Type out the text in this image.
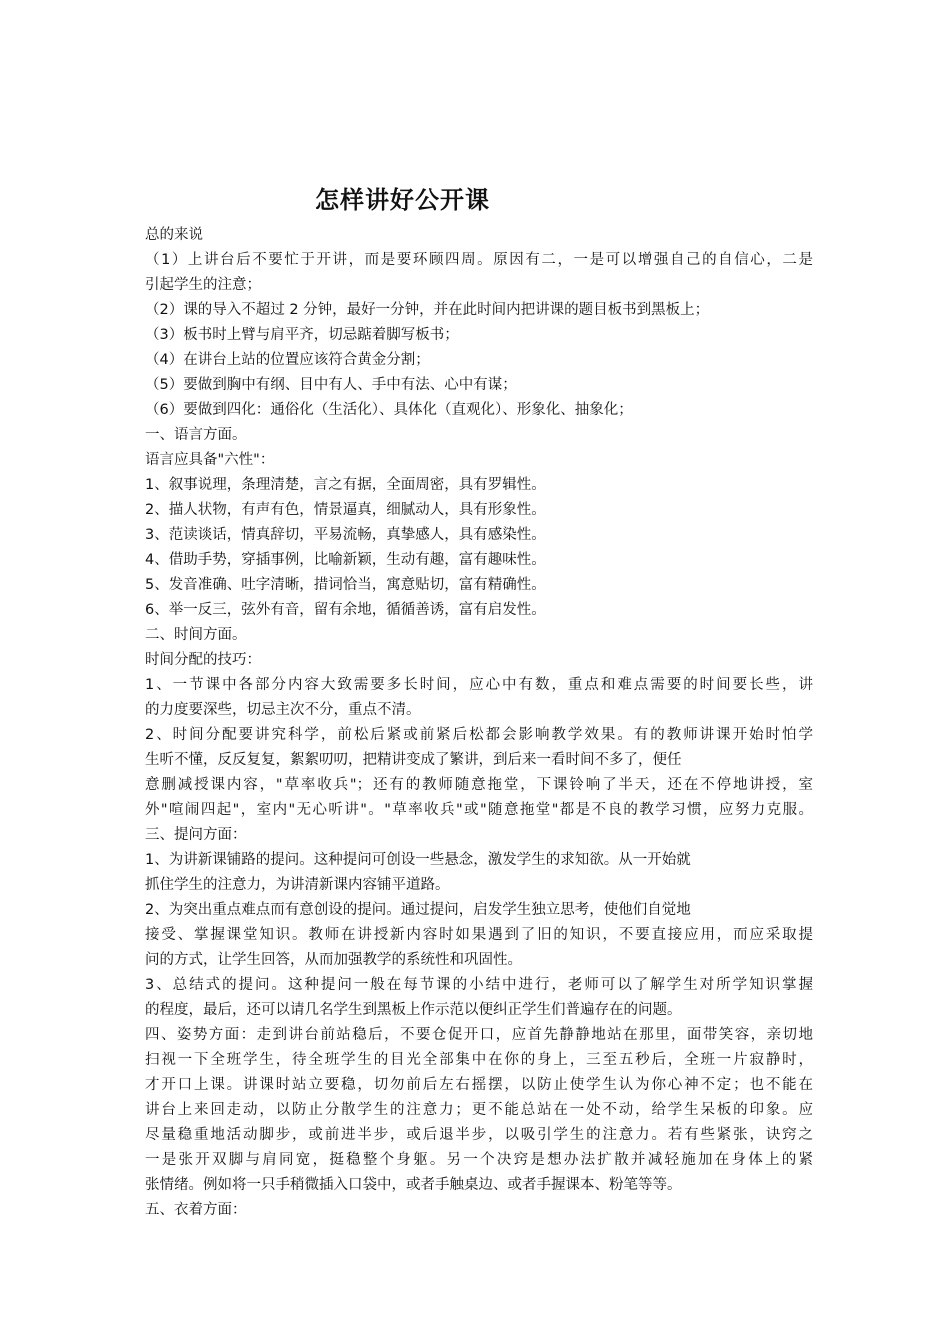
怎样讲好公开课
总的来说
（1）上讲台后不要忙于开讲，而是要环顾四周。原因有二，一是可以增强自己的自信心，二是
引起学生的注意；
（2）课的导入不超过 2 分钟，最好一分钟，并在此时间内把讲课的题目板书到黑板上；
（3）板书时上臂与肩平齐，切忌踮着脚写板书；
（4）在讲台上站的位置应该符合黄金分割；
（5）要做到胸中有纲、目中有人、手中有法、心中有谋；
（6）要做到四化：通俗化（生活化）、具体化（直观化）、形象化、抽象化；
一、语言方面。
语言应具备"六性"：
1、叙事说理，条理清楚，言之有据，全面周密，具有罗辑性。
2、描人状物，有声有色，情景逼真，细腻动人，具有形象性。
3、范读谈话，情真辞切，平易流畅，真挚感人，具有感染性。
4、借助手势，穿插事例，比喻新颖，生动有趣，富有趣味性。
5、发音准确、吐字清晰，措词恰当，寓意贴切，富有精确性。
6、举一反三，弦外有音，留有余地，循循善诱，富有启发性。
二、时间方面。
时间分配的技巧：
1、一节课中各部分内容大致需要多长时间，应心中有数，重点和难点需要的时间要长些，讲
的力度要深些，切忌主次不分，重点不清。
2、时间分配要讲究科学，前松后紧或前紧后松都会影响教学效果。有的教师讲课开始时怕学
生听不懂，反反复复，絮絮叨叨，把精讲变成了繁讲，到后来一看时间不多了，便任
意删减授课内容，"草率收兵"；还有的教师随意拖堂，下课铃响了半天，还在不停地讲授，室
外"喧闹四起"，室内"无心听讲"。"草率收兵"或"随意拖堂"都是不良的教学习惯，应努力克服。
三、提问方面：
1、为讲新课铺路的提问。这种提问可创设一些悬念，激发学生的求知欲。从一开始就
抓住学生的注意力，为讲清新课内容铺平道路。
2、为突出重点难点而有意创设的提问。通过提问，启发学生独立思考，使他们自觉地
接受、掌握课堂知识。教师在讲授新内容时如果遇到了旧的知识，不要直接应用，而应采取提
问的方式，让学生回答，从而加强教学的系统性和巩固性。
3、总结式的提问。这种提问一般在每节课的小结中进行，老师可以了解学生对所学知识掌握
的程度，最后，还可以请几名学生到黑板上作示范以便纠正学生们普遍存在的问题。
四、姿势方面：走到讲台前站稳后，不要仓促开口，应首先静静地站在那里，面带笑容，亲切地
扫视一下全班学生，待全班学生的目光全部集中在你的身上，三至五秒后，全班一片寂静时，
才开口上课。讲课时站立要稳，切勿前后左右摇摆，以防止使学生认为你心神不定；也不能在
讲台上来回走动，以防止分散学生的注意力；更不能总站在一处不动，给学生呆板的印象。应
尽量稳重地活动脚步，或前进半步，或后退半步，以吸引学生的注意力。若有些紧张，诀窍之
一是张开双脚与肩同宽，挺稳整个身躯。另一个决窍是想办法扩散并减轻施加在身体上的紧
张情绪。例如将一只手稍微插入口袋中，或者手触桌边、或者手握课本、粉笔等等。
五、衣着方面：
